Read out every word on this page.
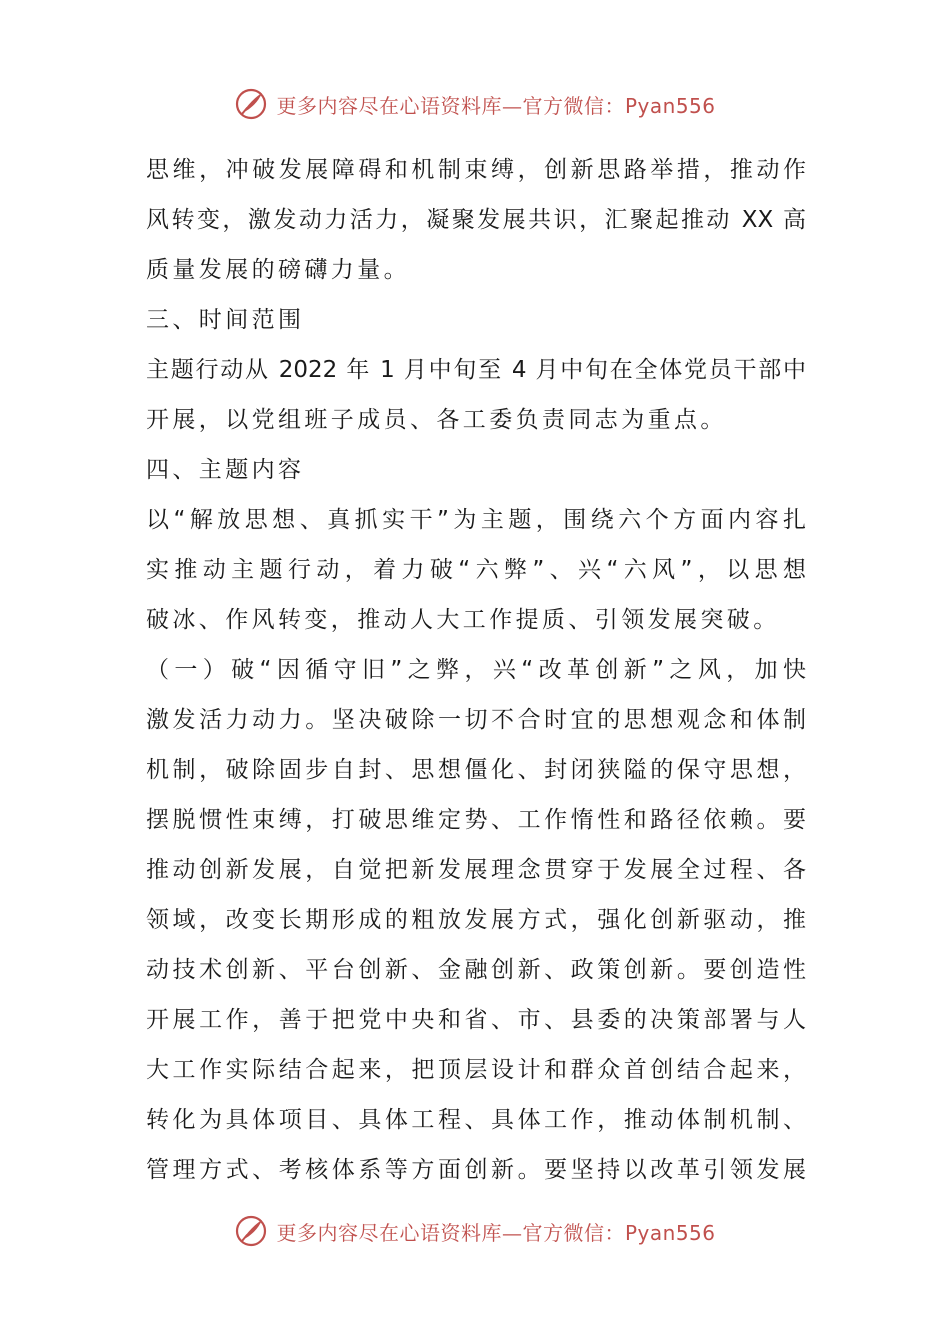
更多内容尽在心语资料库—官方微信：Pyan556
思维，冲破发展障碍和机制束缚，创新思路举措，推动作
风转变，激发动力活力，凝聚发展共识，汇聚起推动 XX 高
质量发展的磅礴力量。
三、时间范围
主题行动从 2022 年 1 月中旬至 4 月中旬在全体党员干部中
开展，以党组班子成员、各工委负责同志为重点。
四、主题内容
以“解放思想、真抓实干”为主题，围绕六个方面内容扎
实推动主题行动，着力破“六弊”、兴“六风”，以思想
破冰、作风转变，推动人大工作提质、引领发展突破。
（一）破“因循守旧”之弊，兴“改革创新”之风，加快
激发活力动力。坚决破除一切不合时宜的思想观念和体制
机制，破除固步自封、思想僵化、封闭狭隘的保守思想，
摆脱惯性束缚，打破思维定势、工作惰性和路径依赖。要
推动创新发展，自觉把新发展理念贯穿于发展全过程、各
领域，改变长期形成的粗放发展方式，强化创新驱动，推
动技术创新、平台创新、金融创新、政策创新。要创造性
开展工作，善于把党中央和省、市、县委的决策部署与人
大工作实际结合起来，把顶层设计和群众首创结合起来，
转化为具体项目、具体工程、具体工作，推动体制机制、
管理方式、考核体系等方面创新。要坚持以改革引领发展
更多内容尽在心语资料库—官方微信：Pyan556
